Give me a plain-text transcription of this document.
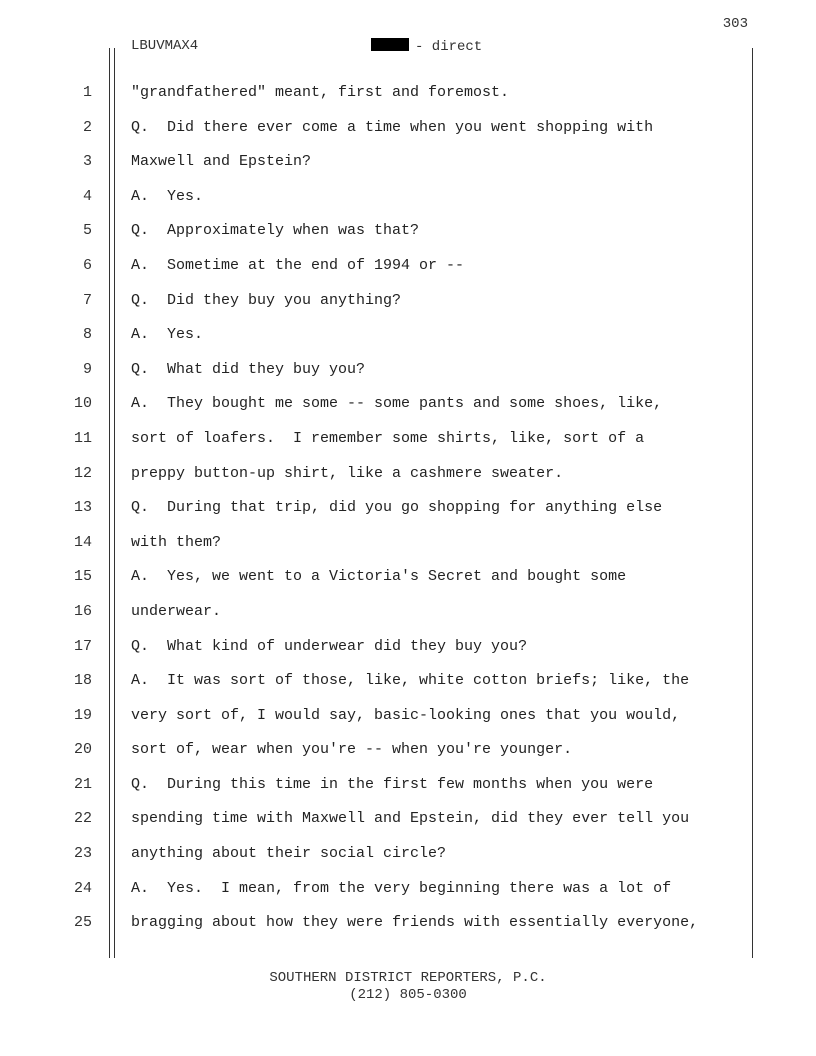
303
LBUVMAX4	- direct
1	"grandfathered" meant, first and foremost.
2	Q.  Did there ever come a time when you went shopping with
3	Maxwell and Epstein?
4	A.  Yes.
5	Q.  Approximately when was that?
6	A.  Sometime at the end of 1994 or --
7	Q.  Did they buy you anything?
8	A.  Yes.
9	Q.  What did they buy you?
10	A.  They bought me some -- some pants and some shoes, like,
11	sort of loafers.  I remember some shirts, like, sort of a
12	preppy button-up shirt, like a cashmere sweater.
13	Q.  During that trip, did you go shopping for anything else
14	with them?
15	A.  Yes, we went to a Victoria's Secret and bought some
16	underwear.
17	Q.  What kind of underwear did they buy you?
18	A.  It was sort of those, like, white cotton briefs; like, the
19	very sort of, I would say, basic-looking ones that you would,
20	sort of, wear when you're -- when you're younger.
21	Q.  During this time in the first few months when you were
22	spending time with Maxwell and Epstein, did they ever tell you
23	anything about their social circle?
24	A.  Yes.  I mean, from the very beginning there was a lot of
25	bragging about how they were friends with essentially everyone,
SOUTHERN DISTRICT REPORTERS, P.C.
(212) 805-0300
